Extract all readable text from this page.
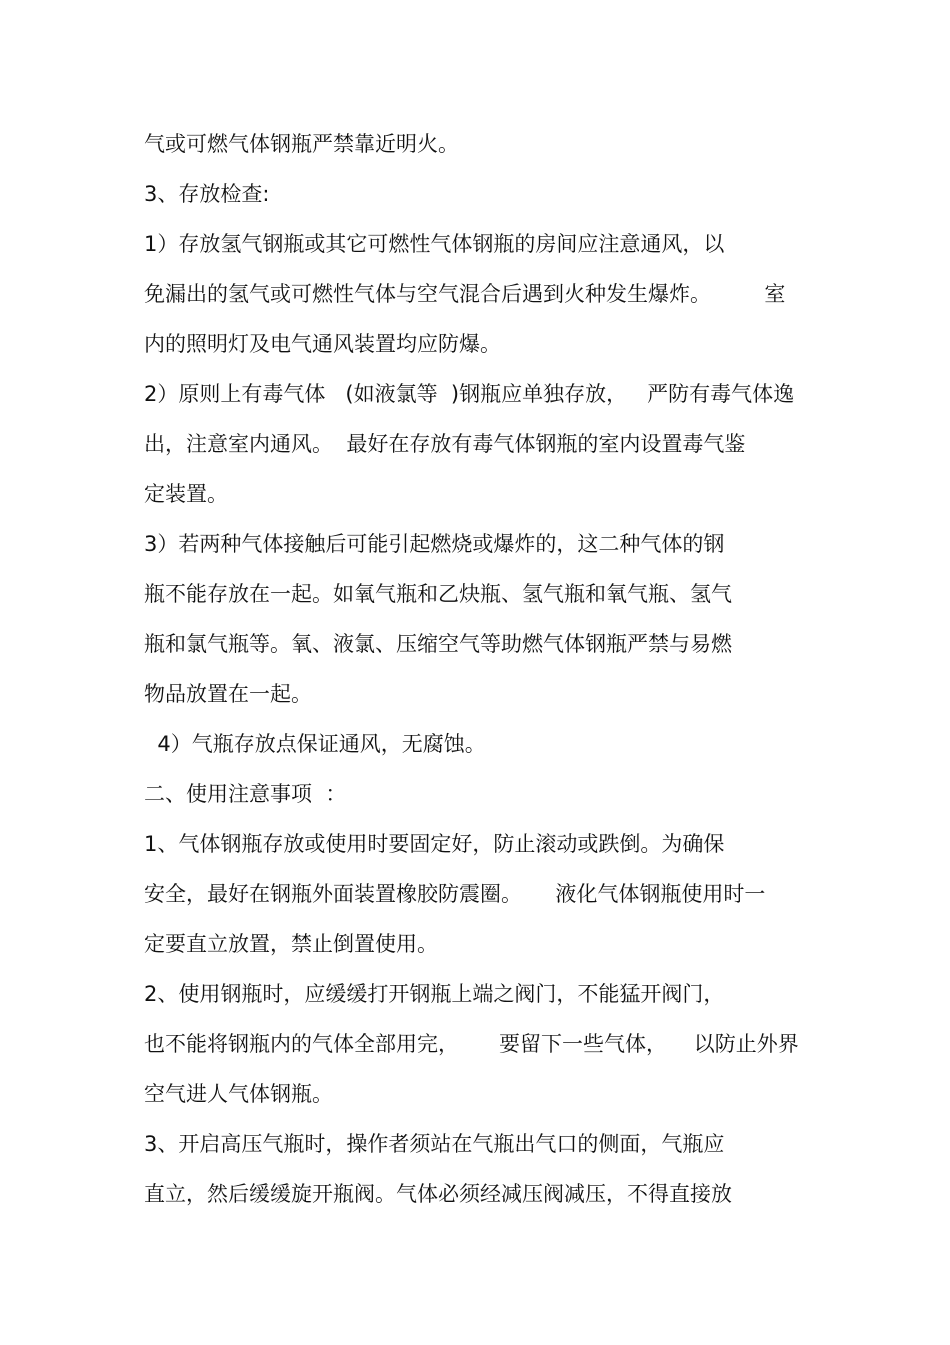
气或可燃气体钢瓶严禁靠近明火。

3、存放检查:

1）存放氢气钢瓶或其它可燃性气体钢瓶的房间应注意通风，以

免漏出的氢气或可燃性气体与空气混合后遇到火种发生爆炸。        室

内的照明灯及电气通风装置均应防爆。

2）原则上有毒气体   (如液氯等  )钢瓶应单独存放，   严防有毒气体逸

出，注意室内通风。  最好在存放有毒气体钢瓶的室内设置毒气鉴

定装置。

3）若两种气体接触后可能引起燃烧或爆炸的，这二种气体的钢

瓶不能存放在一起。如氧气瓶和乙炔瓶、氢气瓶和氧气瓶、氢气

瓶和氯气瓶等。氧、液氯、压缩空气等助燃气体钢瓶严禁与易燃

物品放置在一起。

4）气瓶存放点保证通风，无腐蚀。

二、使用注意事项  ：

1、气体钢瓶存放或使用时要固定好，防止滚动或跌倒。为确保

安全，最好在钢瓶外面装置橡胶防震圈。     液化气体钢瓶使用时一

定要直立放置，禁止倒置使用。

2、使用钢瓶时，应缓缓打开钢瓶上端之阀门，不能猛开阀门，

也不能将钢瓶内的气体全部用完，      要留下一些气体，    以防止外界

空气进人气体钢瓶。

3、开启高压气瓶时，操作者须站在气瓶出气口的侧面，气瓶应

直立，然后缓缓旋开瓶阀。气体必须经减压阀减压，不得直接放
